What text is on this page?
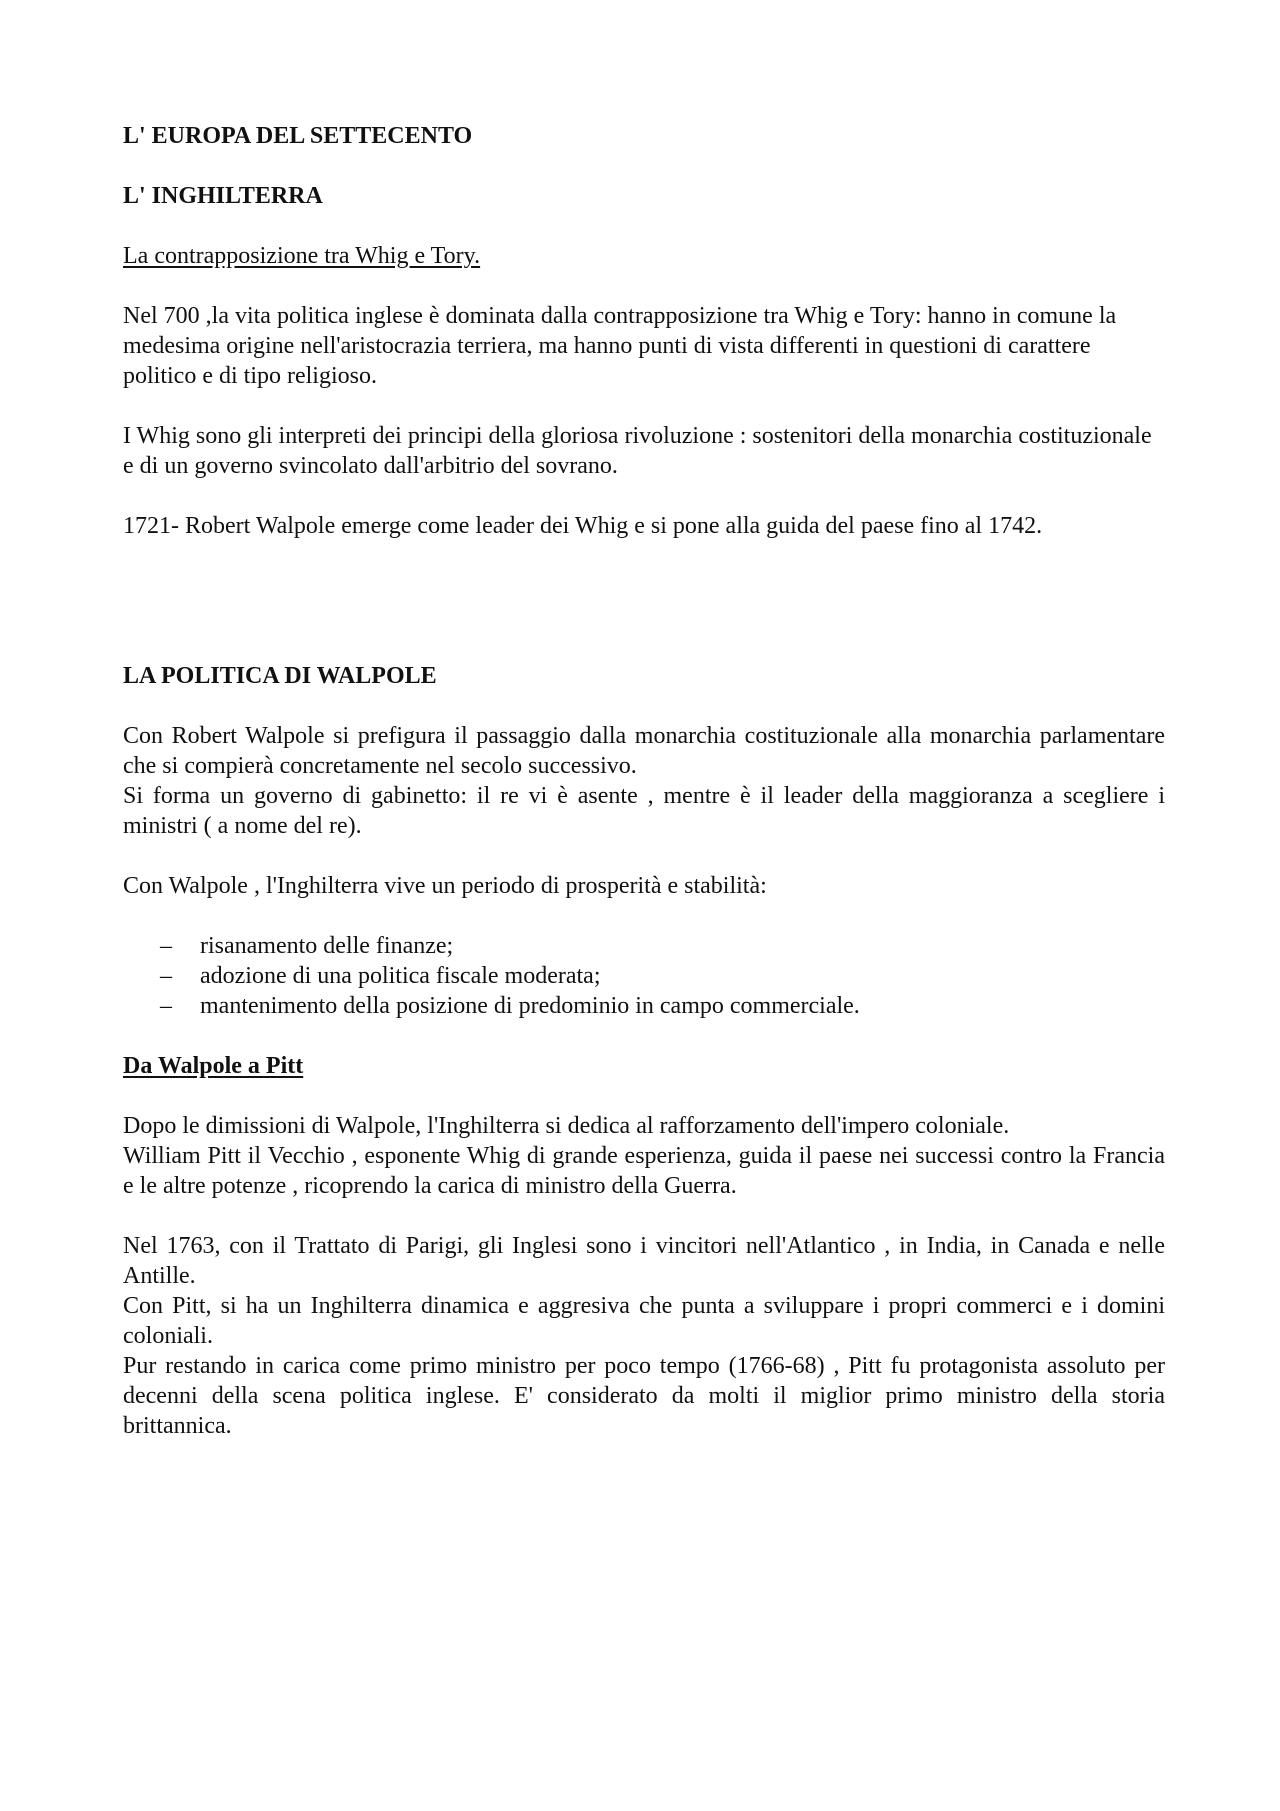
L' EUROPA DEL SETTECENTO

L' INGHILTERRA

La contrapposizione tra Whig e Tory.

Nel 700 ,la vita politica inglese è dominata dalla contrapposizione tra Whig e Tory: hanno in comune la medesima origine nell'aristocrazia terriera, ma hanno punti di vista differenti in questioni di carattere politico e di tipo religioso.

I Whig sono gli interpreti dei principi della gloriosa rivoluzione : sostenitori della monarchia costituzionale e di un governo svincolato dall'arbitrio del sovrano.

1721- Robert Walpole emerge come leader dei Whig e si pone alla guida del paese fino al 1742.

LA POLITICA DI WALPOLE

Con Robert Walpole si prefigura il passaggio dalla monarchia costituzionale alla monarchia parlamentare che si compierà concretamente nel secolo successivo.

Si forma un governo di gabinetto: il re vi è asente , mentre è il leader della maggioranza a scegliere i ministri ( a nome del re).

Con Walpole , l'Inghilterra vive un periodo di prosperità e stabilità:

– risanamento delle finanze;
– adozione di una politica fiscale moderata;
– mantenimento della posizione di predominio in campo commerciale.

Da Walpole a Pitt

Dopo le dimissioni di Walpole, l'Inghilterra si dedica al rafforzamento dell'impero coloniale.

William Pitt il Vecchio , esponente Whig di grande esperienza, guida il paese nei successi contro la Francia e le altre potenze , ricoprendo la carica di ministro della Guerra.

Nel 1763, con il Trattato di Parigi, gli Inglesi sono i vincitori nell'Atlantico , in India, in Canada e nelle Antille.

Con Pitt, si ha un Inghilterra dinamica e aggresiva che punta a sviluppare i propri commerci e i domini coloniali.

Pur restando in carica come primo ministro per poco tempo (1766-68) , Pitt fu protagonista assoluto per decenni della scena politica inglese. E' considerato da molti il miglior primo ministro della storia brittannica.
